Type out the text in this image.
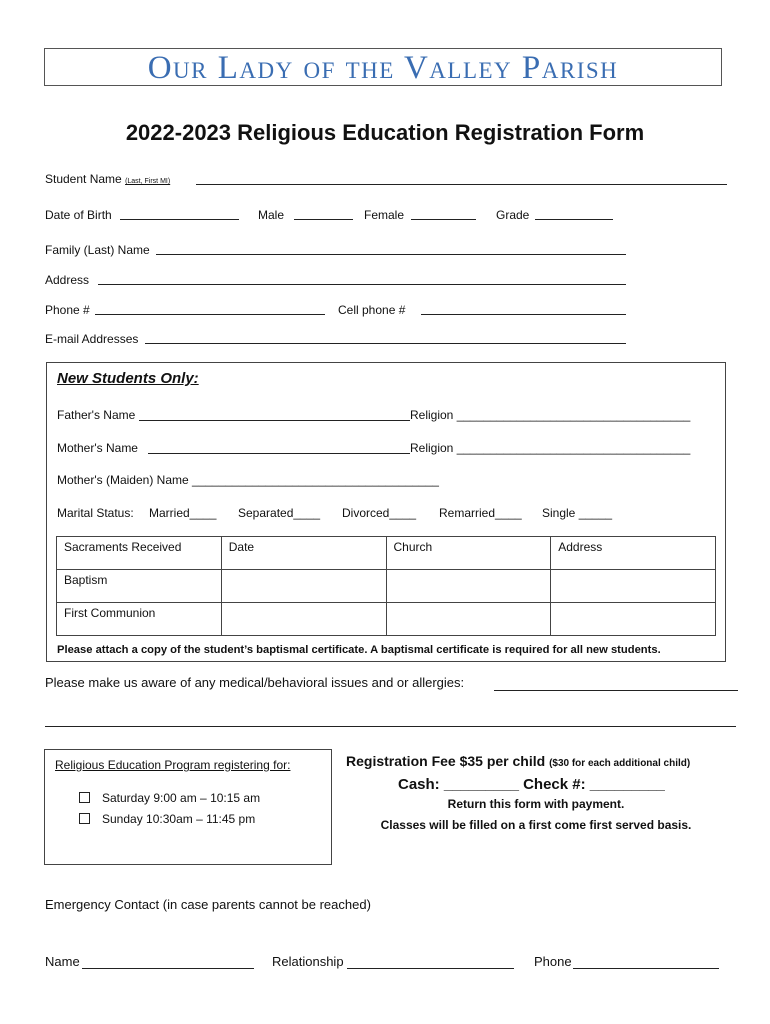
Our Lady of the Valley Parish
2022-2023 Religious Education Registration Form
Student Name (Last, First MI)
Date of Birth	Male	Female	Grade
Family (Last) Name
Address
Phone #	Cell phone #
E-mail Addresses
New Students Only:
Father's Name	Religion ___________________________________
Mother's Name	Religion ___________________________________
Mother's (Maiden) Name _____________________________________
Marital Status: Married____ Separated____ Divorced____ Remarried____ Single _____
Sacraments Received	Date	Church	Address
Baptism			
First Communion			
Please attach a copy of the student’s baptismal certificate. A baptismal certificate is required for all new students.
Please make us aware of any medical/behavioral issues and or allergies:
Religious Education Program registering for:
Saturday 9:00 am – 10:15 am
Sunday 10:30am – 11:45 pm
Registration Fee $35 per child ($30 for each additional child)
Cash: _________ Check #: _________
Return this form with payment.
Classes will be filled on a first come first served basis.
Emergency Contact (in case parents cannot be reached)
Name	Relationship	Phone
